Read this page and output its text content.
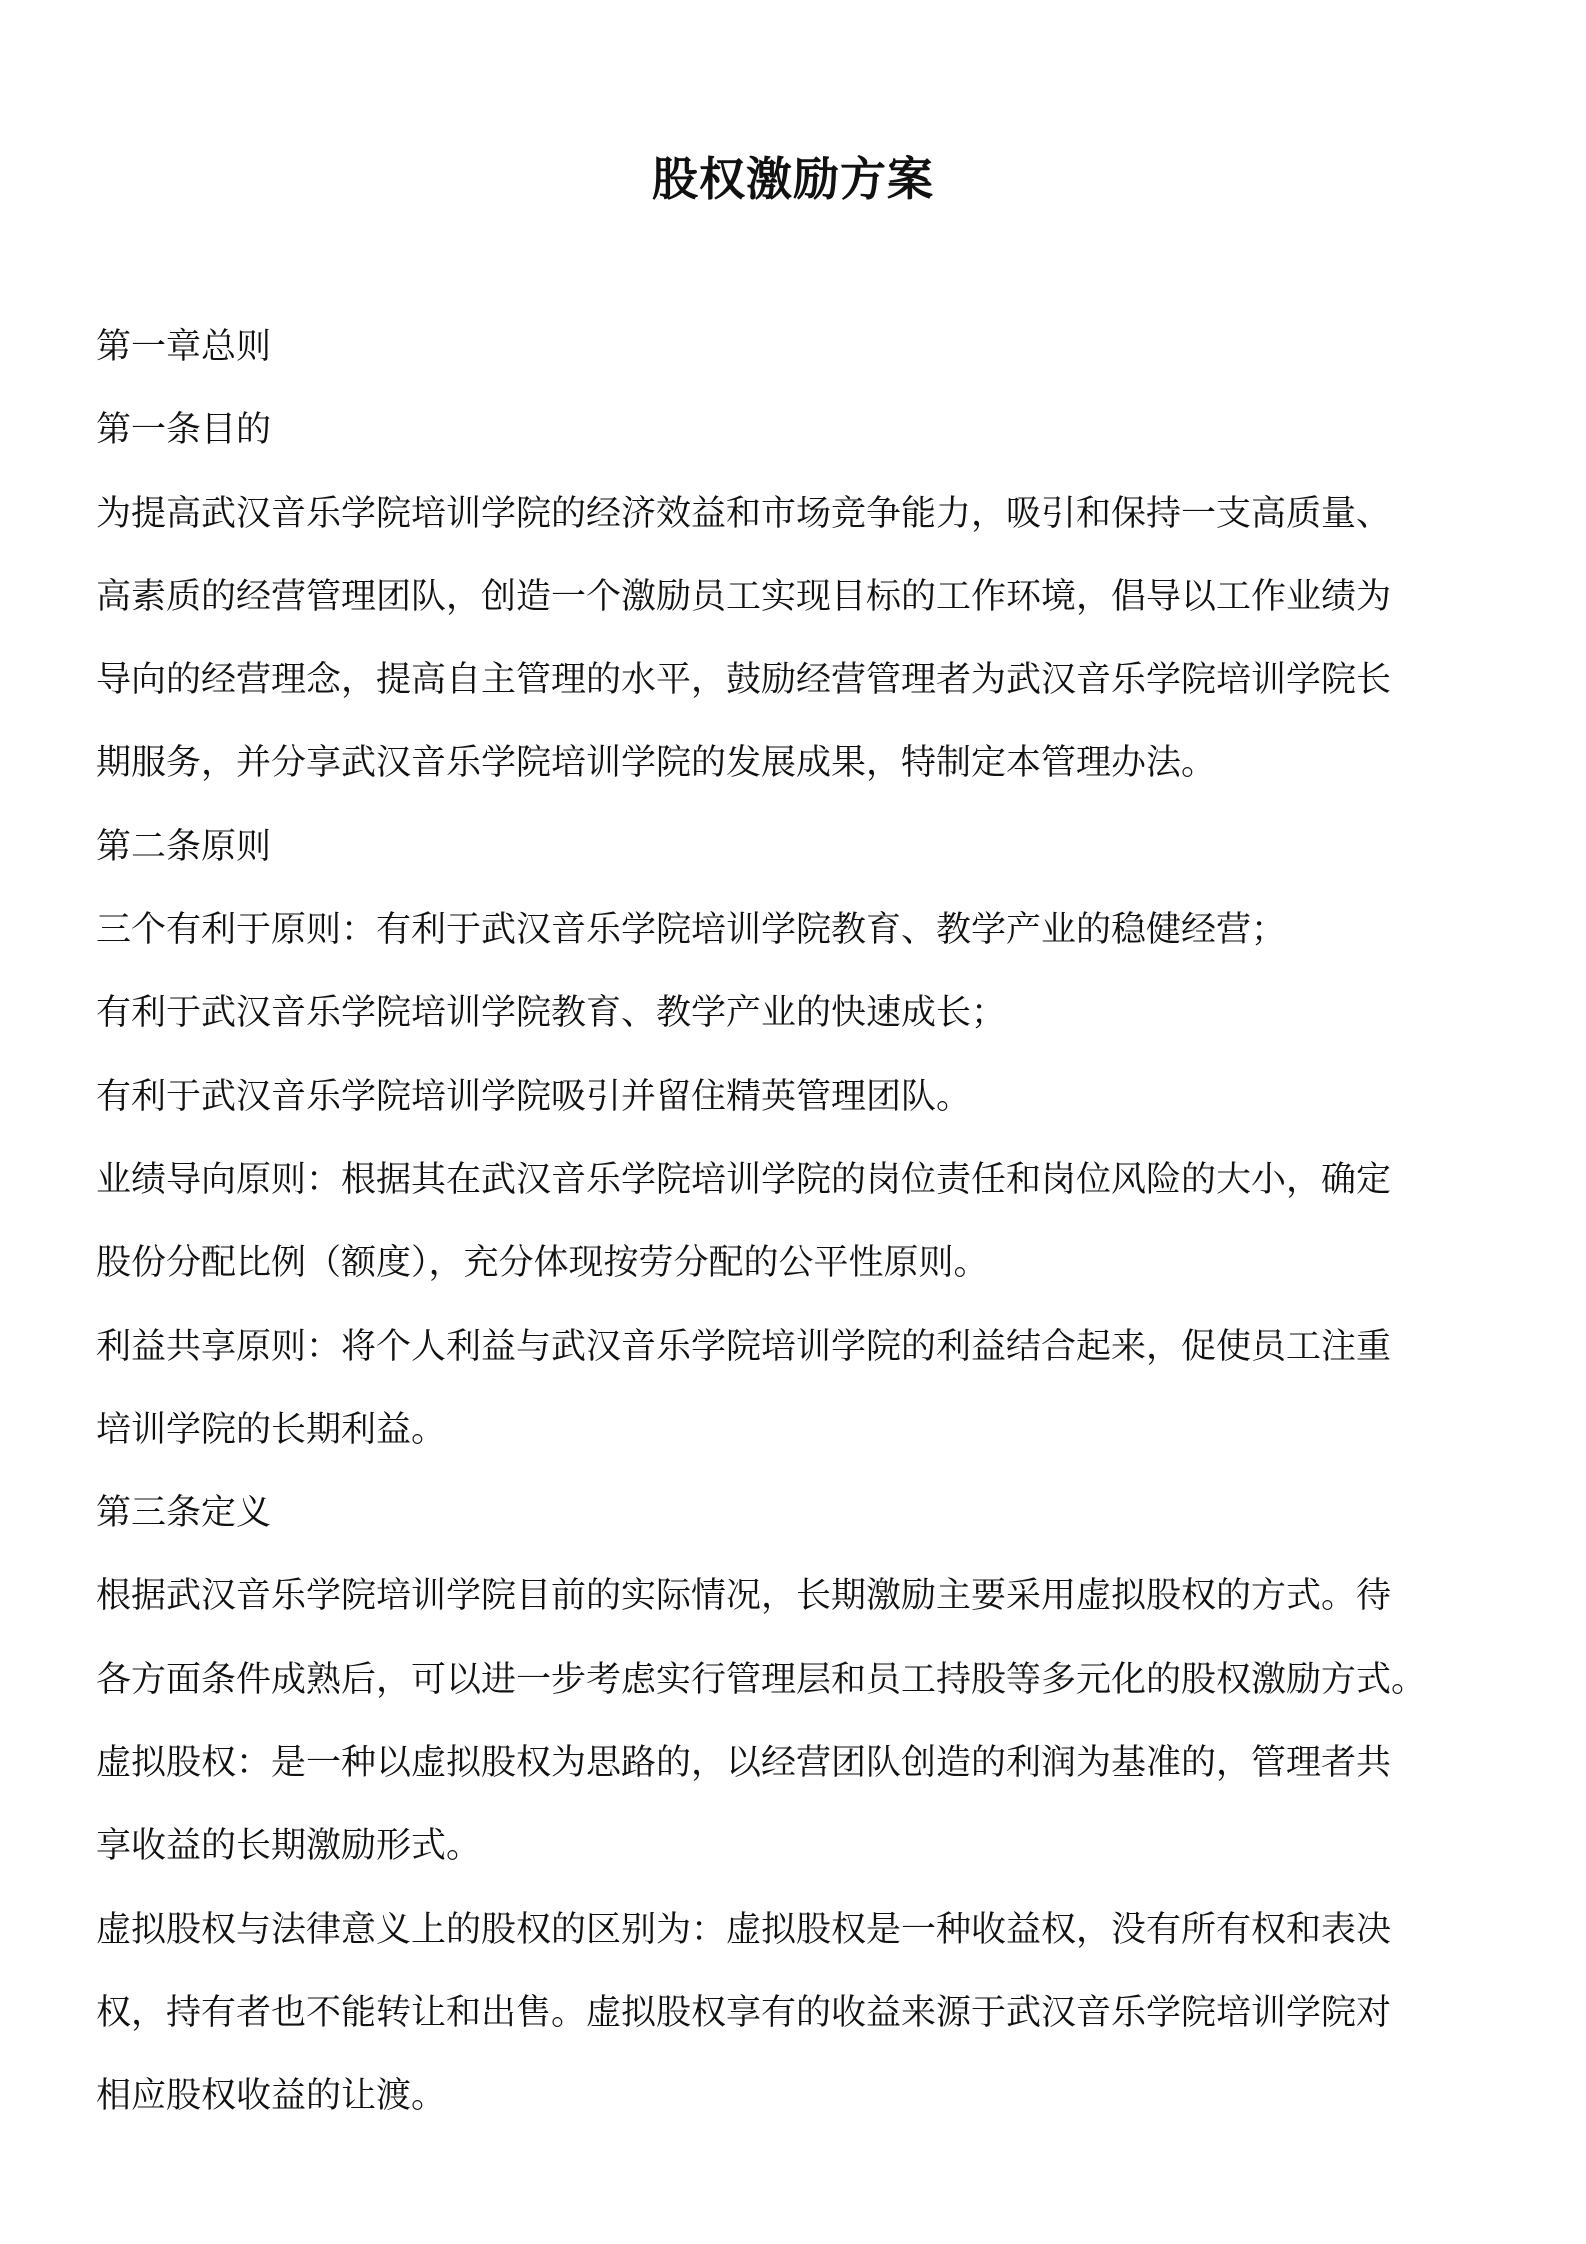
股权激励方案

第一章总则

第一条目的

为提高武汉音乐学院培训学院的经济效益和市场竞争能力，吸引和保持一支高质量、

高素质的经营管理团队，创造一个激励员工实现目标的工作环境，倡导以工作业绩为

导向的经营理念，提高自主管理的水平，鼓励经营管理者为武汉音乐学院培训学院长

期服务，并分享武汉音乐学院培训学院的发展成果，特制定本管理办法。

第二条原则

三个有利于原则：有利于武汉音乐学院培训学院教育、教学产业的稳健经营；

有利于武汉音乐学院培训学院教育、教学产业的快速成长；

有利于武汉音乐学院培训学院吸引并留住精英管理团队。

业绩导向原则：根据其在武汉音乐学院培训学院的岗位责任和岗位风险的大小，确定

股份分配比例（额度），充分体现按劳分配的公平性原则。

利益共享原则：将个人利益与武汉音乐学院培训学院的利益结合起来，促使员工注重

培训学院的长期利益。

第三条定义

根据武汉音乐学院培训学院目前的实际情况，长期激励主要采用虚拟股权的方式。待

各方面条件成熟后，可以进一步考虑实行管理层和员工持股等多元化的股权激励方式。

虚拟股权：是一种以虚拟股权为思路的，以经营团队创造的利润为基准的，管理者共

享收益的长期激励形式。

虚拟股权与法律意义上的股权的区别为：虚拟股权是一种收益权，没有所有权和表决

权，持有者也不能转让和出售。虚拟股权享有的收益来源于武汉音乐学院培训学院对

相应股权收益的让渡。
